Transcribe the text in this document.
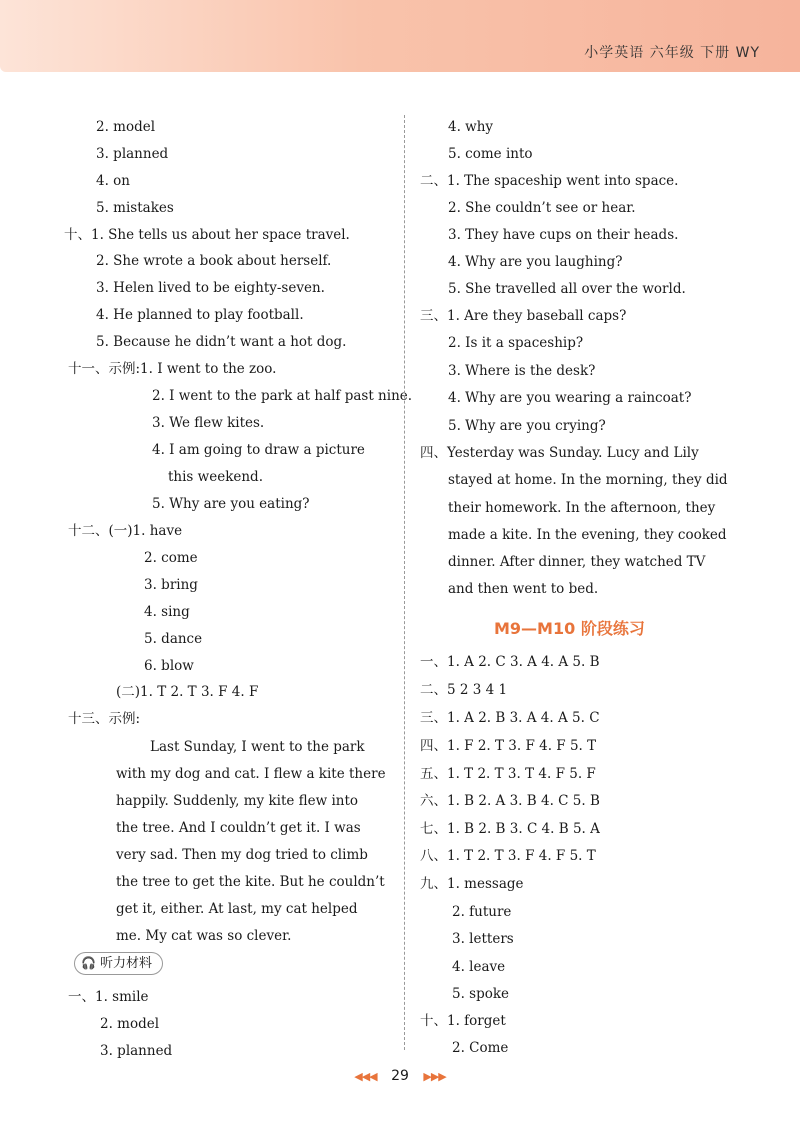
小学英语 六年级 下册 WY
🎧 听力材料
2. model
3. planned
4. on
5. mistakes
十、1. She tells us about her space travel.
2. She wrote a book about herself.
3. Helen lived to be eighty-seven.
4. He planned to play football.
5. Because he didn’t want a hot dog.
十一、示例:1. I went to the zoo.
2. I went to the park at half past nine.
3. We flew kites.
4. I am going to draw a picture
this weekend.
5. Why are you eating?
十二、(一)1. have
2. come
3. bring
4. sing
5. dance
6. blow
(二)1. T 2. T 3. F 4. F
十三、示例:
Last Sunday, I went to the park
with my dog and cat. I flew a kite there
happily. Suddenly, my kite flew into
the tree. And I couldn’t get it. I was
very sad. Then my dog tried to climb
the tree to get the kite. But he couldn’t
get it, either. At last, my cat helped
me. My cat was so clever.
一、1. smile
2. model
3. planned
M9—M10 阶段练习
4. why
5. come into
二、1. The spaceship went into space.
2. She couldn’t see or hear.
3. They have cups on their heads.
4. Why are you laughing?
5. She travelled all over the world.
三、1. Are they baseball caps?
2. Is it a spaceship?
3. Where is the desk?
4. Why are you wearing a raincoat?
5. Why are you crying?
四、Yesterday was Sunday. Lucy and Lily
stayed at home. In the morning, they did
their homework. In the afternoon, they
made a kite. In the evening, they cooked
dinner. After dinner, they watched TV
and then went to bed.
一、1. A 2. C 3. A 4. A 5. B
二、5 2 3 4 1
三、1. A 2. B 3. A 4. A 5. C
四、1. F 2. T 3. F 4. F 5. T
五、1. T 2. T 3. T 4. F 5. F
六、1. B 2. A 3. B 4. C 5. B
七、1. B 2. B 3. C 4. B 5. A
八、1. T 2. T 3. F 4. F 5. T
九、1. message
2. future
3. letters
4. leave
5. spoke
十、1. forget
2. Come
◀◀◀ 29 ▶▶▶
